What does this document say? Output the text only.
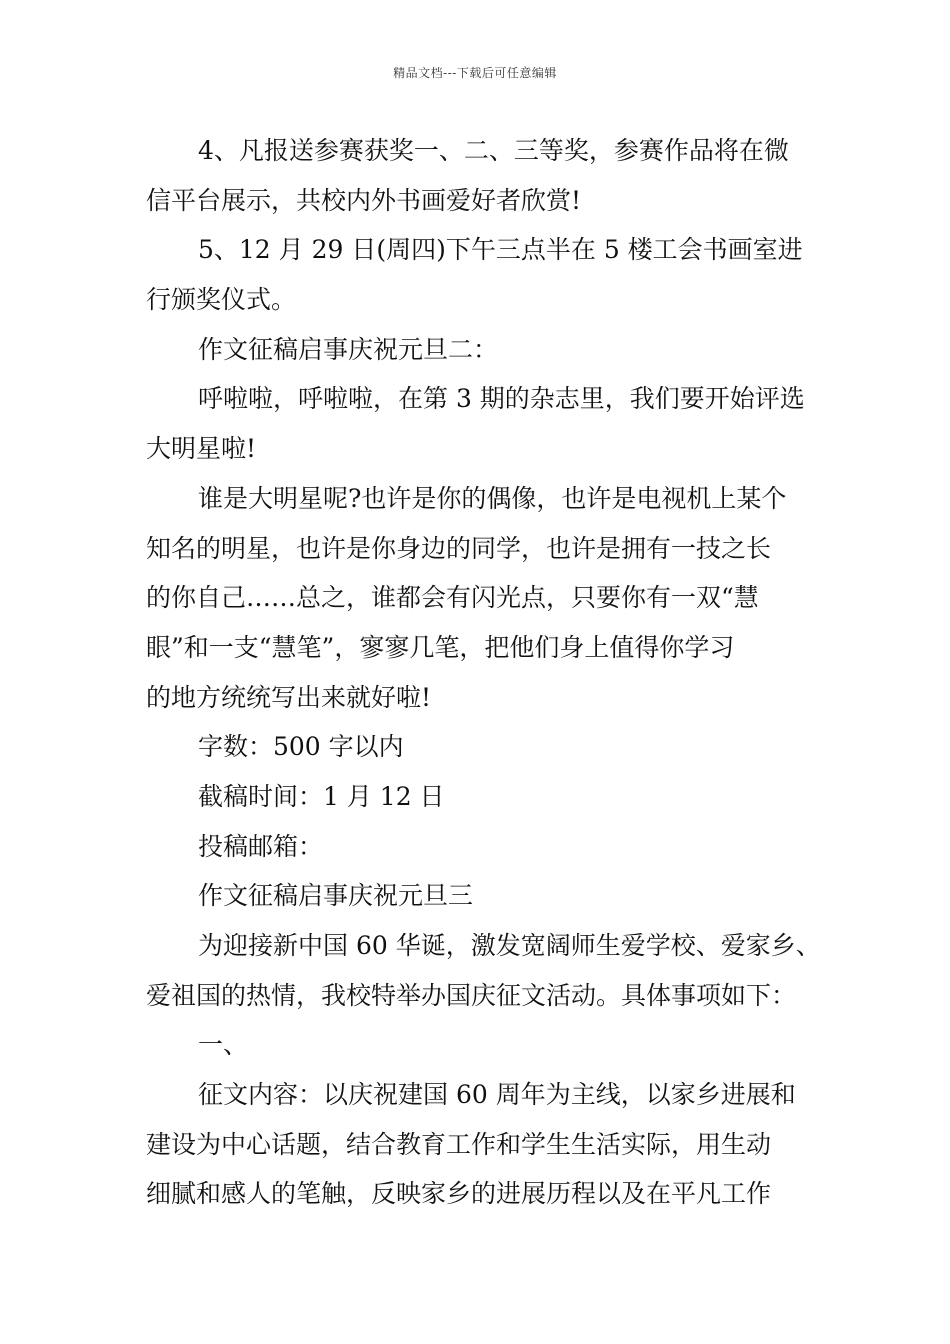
精品文档---下载后可任意编辑
4、凡报送参赛获奖一、二、三等奖，参赛作品将在微
信平台展示，共校内外书画爱好者欣赏!
5、12 月 29 日(周四)下午三点半在 5 楼工会书画室进
行颁奖仪式。
作文征稿启事庆祝元旦二：
呼啦啦，呼啦啦，在第 3 期的杂志里，我们要开始评选
大明星啦!
谁是大明星呢?也许是你的偶像，也许是电视机上某个
知名的明星，也许是你身边的同学，也许是拥有一技之长
的你自己……总之，谁都会有闪光点，只要你有一双“慧
眼”和一支“慧笔”，寥寥几笔，把他们身上值得你学习
的地方统统写出来就好啦!
字数：500 字以内
截稿时间：1 月 12 日
投稿邮箱：
作文征稿启事庆祝元旦三
为迎接新中国 60 华诞，激发宽阔师生爱学校、爱家乡、
爱祖国的热情，我校特举办国庆征文活动。具体事项如下：
一、
征文内容：以庆祝建国 60 周年为主线，以家乡进展和
建设为中心话题，结合教育工作和学生生活实际，用生动
细腻和感人的笔触，反映家乡的进展历程以及在平凡工作
